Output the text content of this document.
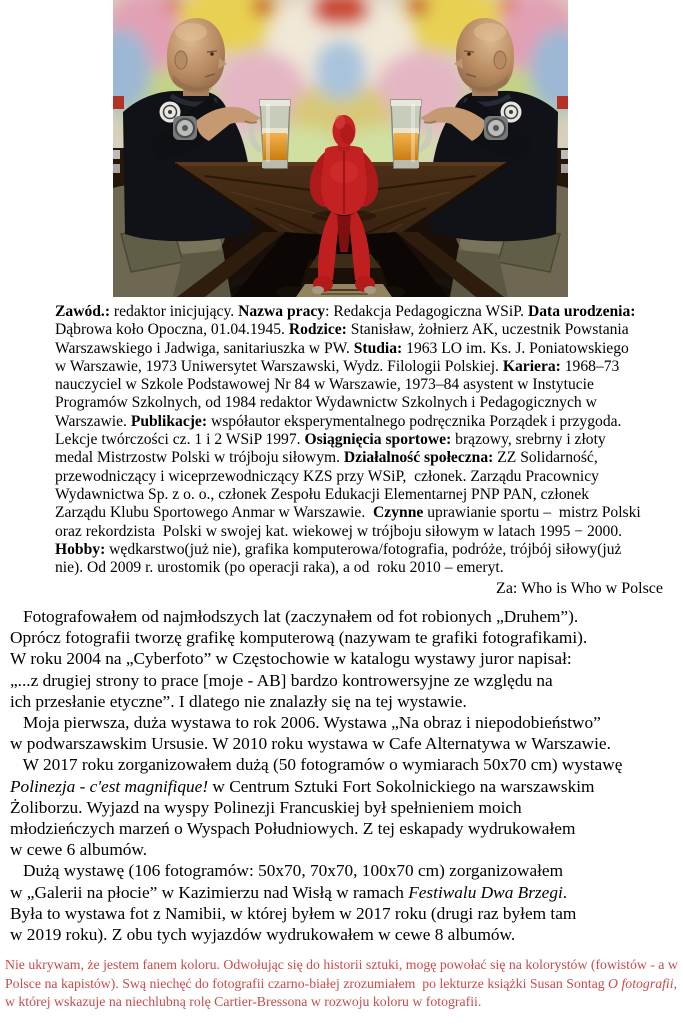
Zawód.: redaktor inicjujący. Nazwa pracy: Redakcja Pedagogiczna WSiP. Data urodzenia:
Dąbrowa koło Opoczna, 01.04.1945. Rodzice: Stanisław, żołnierz AK, uczestnik Powstania
Warszawskiego i Jadwiga, sanitariuszka w PW. Studia: 1963 LO im. Ks. J. Poniatowskiego
w Warszawie, 1973 Uniwersytet Warszawski, Wydz. Filologii Polskiej. Kariera: 1968–73
nauczyciel w Szkole Podstawowej Nr 84 w Warszawie, 1973–84 asystent w Instytucie
Programów Szkolnych, od 1984 redaktor Wydawnictw Szkolnych i Pedagogicznych w
Warszawie. Publikacje: współautor eksperymentalnego podręcznika Porządek i przygoda.
Lekcje twórczości cz. 1 i 2 WSiP 1997. Osiągnięcia sportowe: brązowy, srebrny i złoty
medal Mistrzostw Polski w trójboju siłowym. Działalność społeczna: ZZ Solidarność,
przewodniczący i wiceprzewodniczący KZS przy WSiP,  członek. Zarządu Pracownicy
Wydawnictwa Sp. z o. o., członek Zespołu Edukacji Elementarnej PNP PAN, członek
Zarządu Klubu Sportowego Anmar w Warszawie.  Czynne uprawianie sportu –  mistrz Polski
oraz rekordzista  Polski w swojej kat. wiekowej w trójboju siłowym w latach 1995 − 2000.
Hobby: wędkarstwo(już nie), grafika komputerowa/fotografia, podróże, trójbój siłowy(już
nie). Od 2009 r. urostomik (po operacji raka), a od  roku 2010 – emeryt.
Za: Who is Who w Polsce
Fotografowałem od najmłodszych lat (zaczynałem od fot robionych „Druhem”).
Oprócz fotografii tworzę grafikę komputerową (nazywam te grafiki fotografikami).
W roku 2004 na „Cyberfoto” w Częstochowie w katalogu wystawy juror napisał:
„...z drugiej strony to prace [moje - AB] bardzo kontrowersyjne ze względu na
ich przesłanie etyczne”. I dlatego nie znalazły się na tej wystawie.
Moja pierwsza, duża wystawa to rok 2006. Wystawa „Na obraz i niepodobieństwo”
w podwarszawskim Ursusie. W 2010 roku wystawa w Cafe Alternatywa w Warszawie.
W 2017 roku zorganizowałem dużą (50 fotogramów o wymiarach 50x70 cm) wystawę
Polinezja - c'est magnifique! w Centrum Sztuki Fort Sokolnickiego na warszawskim
Żoliborzu. Wyjazd na wyspy Polinezji Francuskiej był spełnieniem moich
młodzieńczych marzeń o Wyspach Południowych. Z tej eskapady wydrukowałem
w cewe 6 albumów.
Dużą wystawę (106 fotogramów: 50x70, 70x70, 100x70 cm) zorganizowałem
w „Galerii na płocie” w Kazimierzu nad Wisłą w ramach Festiwalu Dwa Brzegi.
Była to wystawa fot z Namibii, w której byłem w 2017 roku (drugi raz byłem tam
w 2019 roku). Z obu tych wyjazdów wydrukowałem w cewe 8 albumów.
Nie ukrywam, że jestem fanem koloru. Odwołując się do historii sztuki, mogę powołać się na kolorystów (fowistów - a w
Polsce na kapistów). Swą niechęć do fotografii czarno-białej zrozumiałem  po lekturze książki Susan Sontag O fotografii,
w której wskazuje na niechlubną rolę Cartier-Bressona w rozwoju koloru w fotografii.
